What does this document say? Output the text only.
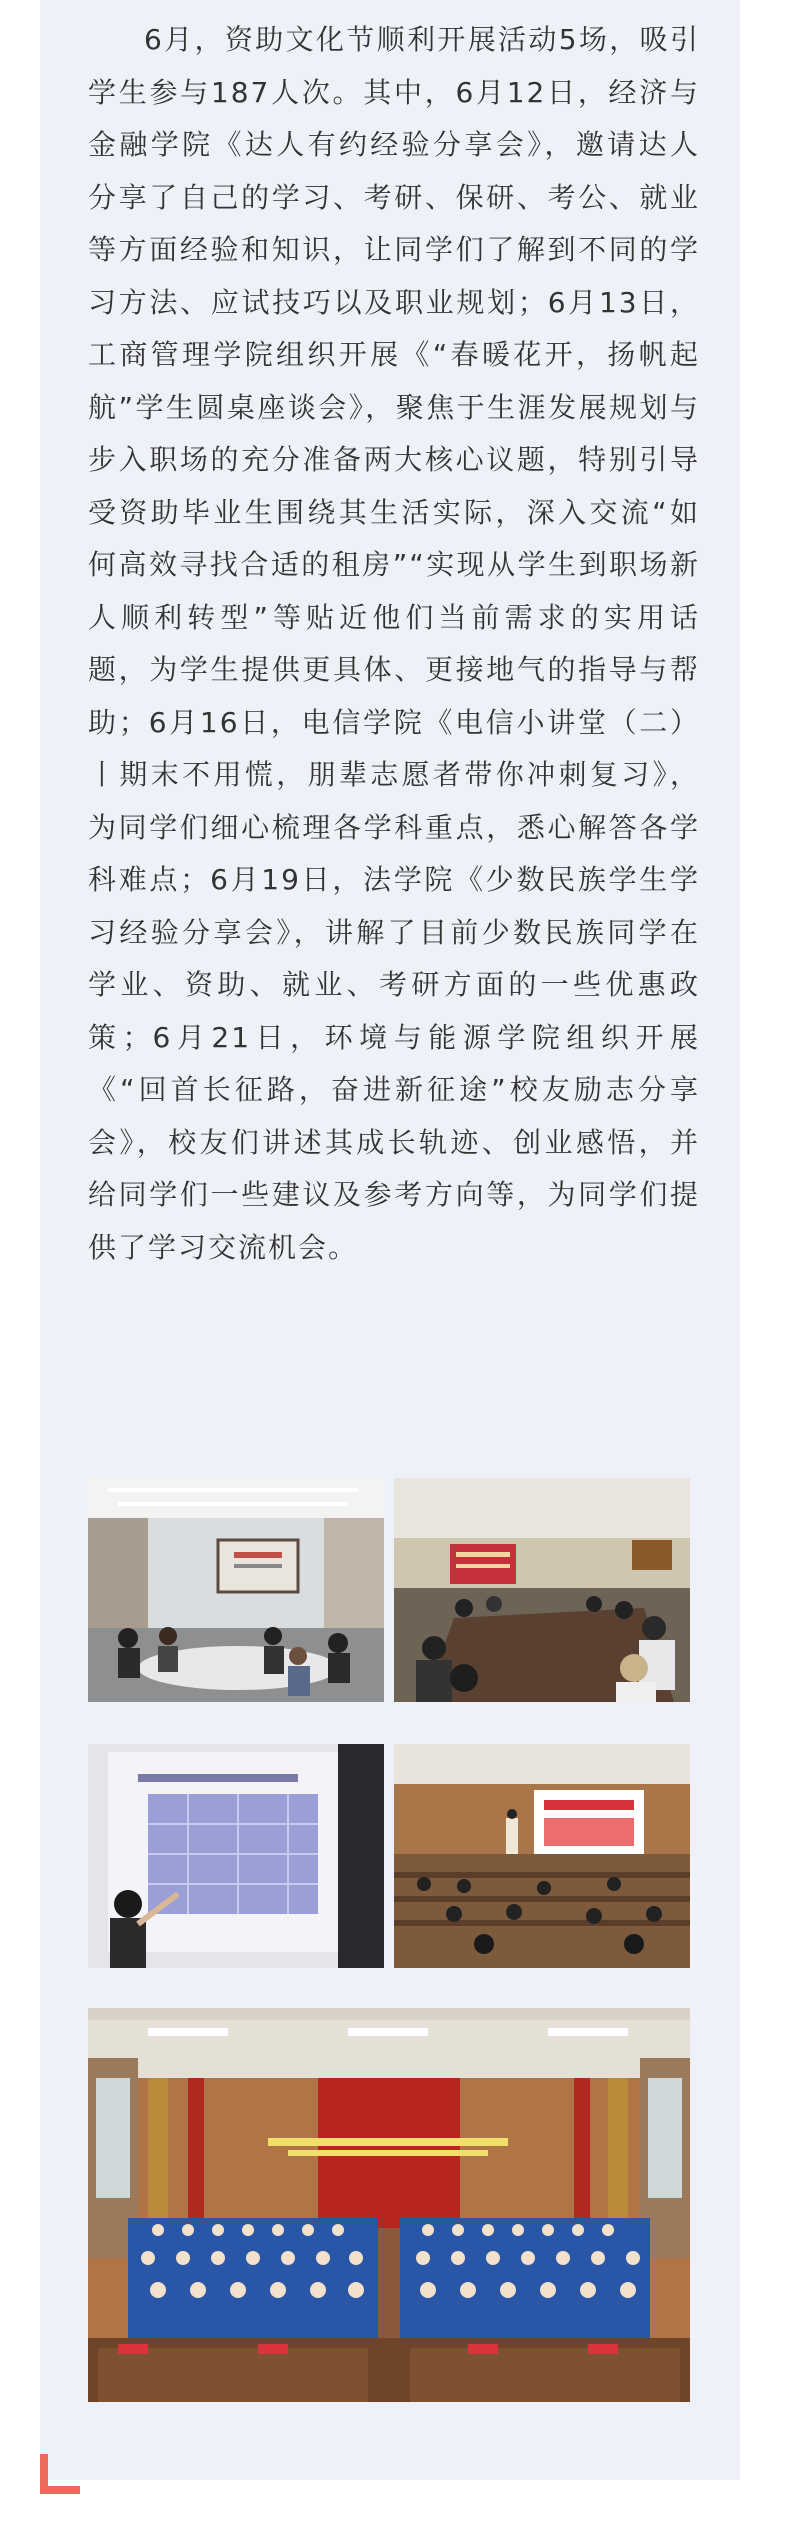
6月，资助文化节顺利开展活动5场，吸引学生参与187人次。其中，6月12日，经济与金融学院《达人有约经验分享会》，邀请达人分享了自己的学习、考研、保研、考公、就业等方面经验和知识，让同学们了解到不同的学习方法、应试技巧以及职业规划；6月13日，工商管理学院组织开展《“春暖花开，扬帆起航”学生圆桌座谈会》，聚焦于生涯发展规划与步入职场的充分准备两大核心议题，特别引导受资助毕业生围绕其生活实际，深入交流“如何高效寻找合适的租房”“实现从学生到职场新人顺利转型”等贴近他们当前需求的实用话题，为学生提供更具体、更接地气的指导与帮助；6月16日，电信学院《电信小讲堂（二）丨期末不用慌，朋辈志愿者带你冲刺复习》，为同学们细心梳理各学科重点，悉心解答各学科难点；6月19日，法学院《少数民族学生学习经验分享会》，讲解了目前少数民族同学在学业、资助、就业、考研方面的一些优惠政策；6月21日，环境与能源学院组织开展《“回首长征路，奋进新征途”校友励志分享会》，校友们讲述其成长轨迹、创业感悟，并给同学们一些建议及参考方向等，为同学们提供了学习交流机会。
